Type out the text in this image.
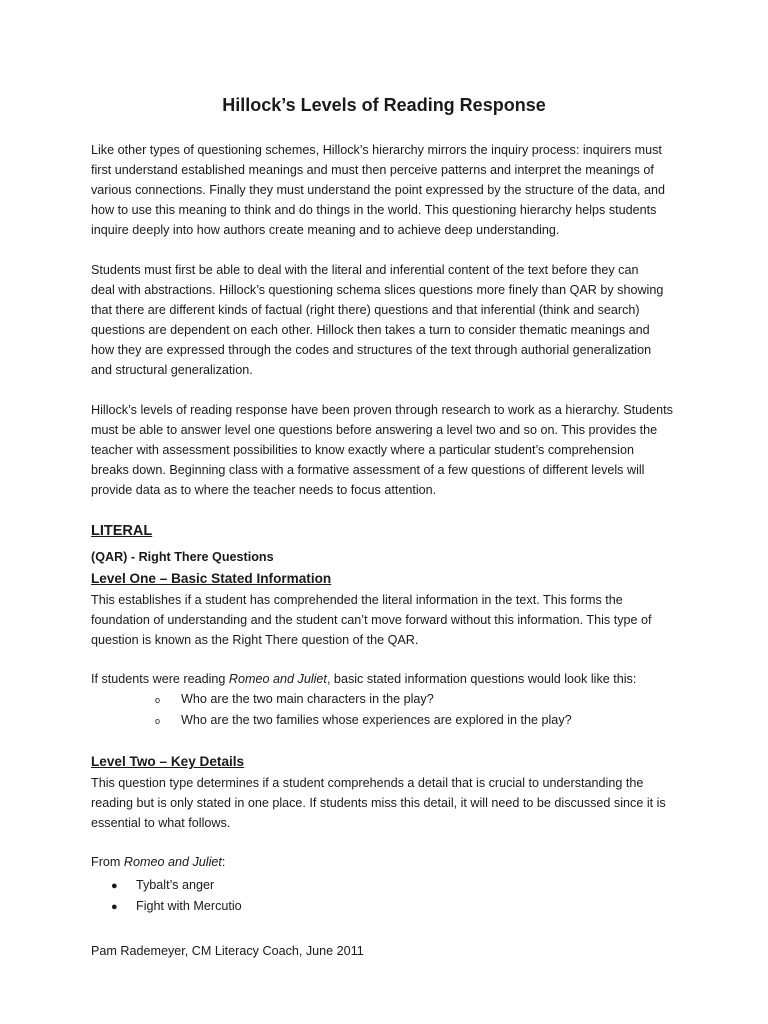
Hillock’s Levels of Reading Response

Like other types of questioning schemes, Hillock’s hierarchy mirrors the inquiry process: inquirers must
first understand established meanings and must then perceive patterns and interpret the meanings of
various connections. Finally they must understand the point expressed by the structure of the data, and
how to use this meaning to think and do things in the world. This questioning hierarchy helps students
inquire deeply into how authors create meaning and to achieve deep understanding.

Students must first be able to deal with the literal and inferential content of the text before they can
deal with abstractions. Hillock’s questioning schema slices questions more finely than QAR by showing
that there are different kinds of factual (right there) questions and that inferential (think and search)
questions are dependent on each other. Hillock then takes a turn to consider thematic meanings and
how they are expressed through the codes and structures of the text through authorial generalization
and structural generalization.

Hillock’s levels of reading response have been proven through research to work as a hierarchy. Students
must be able to answer level one questions before answering a level two and so on. This provides the
teacher with assessment possibilities to know exactly where a particular student’s comprehension
breaks down. Beginning class with a formative assessment of a few questions of different levels will
provide data as to where the teacher needs to focus attention.

LITERAL

(QAR) - Right There Questions

Level One – Basic Stated Information

This establishes if a student has comprehended the literal information in the text. This forms the
foundation of understanding and the student can’t move forward without this information. This type of
question is known as the Right There question of the QAR.

If students were reading Romeo and Juliet, basic stated information questions would look like this:

o Who are the two main characters in the play?
o Who are the two families whose experiences are explored in the play?
Level Two – Key Details

This question type determines if a student comprehends a detail that is crucial to understanding the
reading but is only stated in one place. If students miss this detail, it will need to be discussed since it is
essential to what follows.

From Romeo and Juliet:

● Tybalt’s anger
● Fight with Mercutio

Pam Rademeyer, CM Literacy Coach, June 2011
